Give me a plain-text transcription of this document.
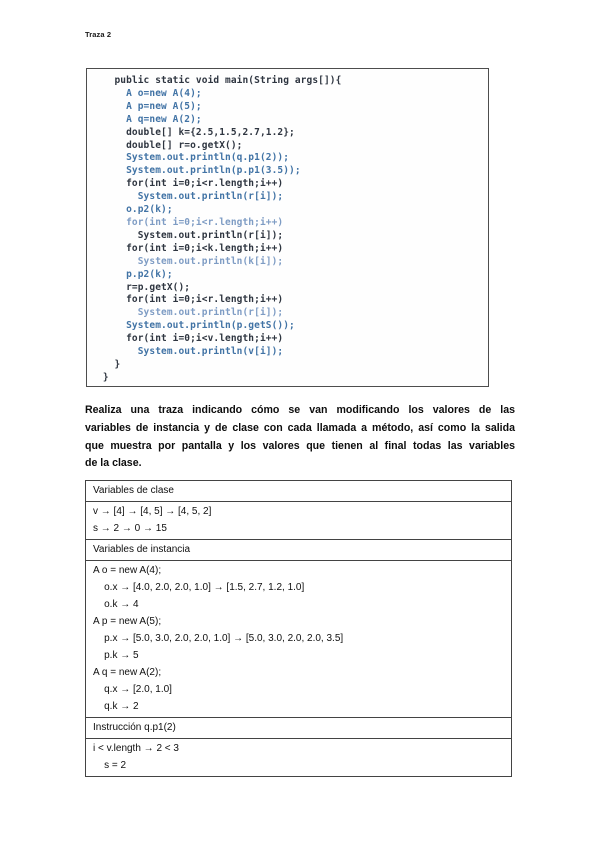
Traza 2
public static void main(String args[]){
A o=new A(4);
A p=new A(5);
A q=new A(2);
double[] k={2.5,1.5,2.7,1.2};
double[] r=o.getX();
System.out.println(q.p1(2));
System.out.println(p.p1(3.5));
for(int i=0;i<r.length;i++)
System.out.println(r[i]);
o.p2(k);
for(int i=0;i<r.length;i++)
System.out.println(r[i]);
for(int i=0;i<k.length;i++)
System.out.println(k[i]);
p.p2(k);
r=p.getX();
for(int i=0;i<r.length;i++)
System.out.println(r[i]);
System.out.println(p.getS());
for(int i=0;i<v.length;i++)
System.out.println(v[i]);
}
}
Realiza una traza indicando cómo se van modificando los valores de las
variables de instancia y de clase con cada llamada a método, así como la salida
que muestra por pantalla y los valores que tienen al final todas las variables
de la clase.
Variables de clase
v → [4] → [4, 5] → [4, 5, 2]
s → 2 → 0 → 15
Variables de instancia
A o = new A(4);
o.x → [4.0, 2.0, 2.0, 1.0] → [1.5, 2.7, 1.2, 1.0]
o.k → 4
A p = new A(5);
p.x → [5.0, 3.0, 2.0, 2.0, 1.0] → [5.0, 3.0, 2.0, 2.0, 3.5]
p.k → 5
A q = new A(2);
q.x → [2.0, 1.0]
q.k → 2
Instrucción q.p1(2)
i < v.length → 2 < 3
s = 2
